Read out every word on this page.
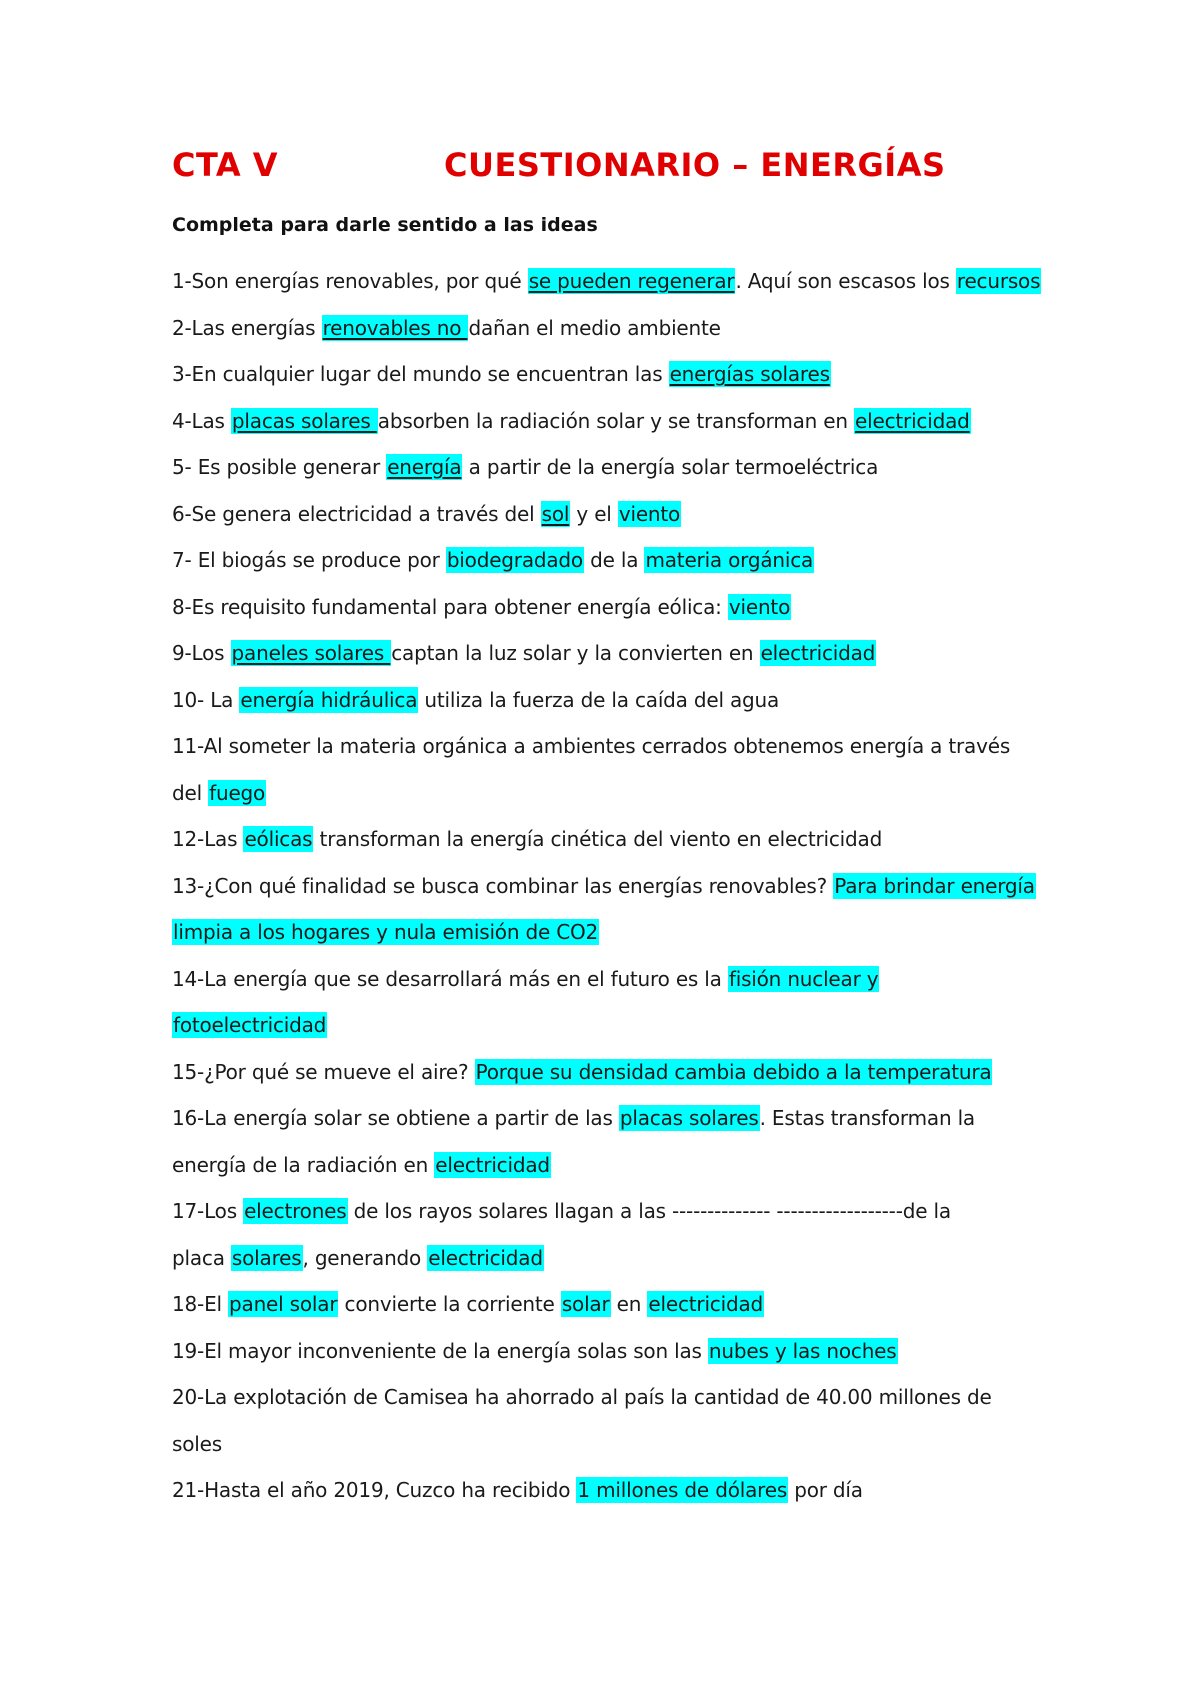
CTA V	CUESTIONARIO – ENERGÍAS
Completa para darle sentido a las ideas
1-Son energías renovables, por qué se pueden regenerar. Aquí son escasos los recursos
2-Las energías renovables no dañan el medio ambiente
3-En cualquier lugar del mundo se encuentran las energías solares
4-Las placas solares absorben la radiación solar y se transforman en electricidad
5- Es posible generar energía a partir de la energía solar termoeléctrica
6-Se genera electricidad a través del sol y el viento
7- El biogás se produce por biodegradado de la materia orgánica
8-Es requisito fundamental para obtener energía eólica: viento
9-Los paneles solares captan la luz solar y la convierten en electricidad
10- La energía hidráulica utiliza la fuerza de la caída del agua
11-Al someter la materia orgánica a ambientes cerrados obtenemos energía a través
del fuego
12-Las eólicas transforman la energía cinética del viento en electricidad
13-¿Con qué finalidad se busca combinar las energías renovables? Para brindar energía
limpia a los hogares y nula emisión de CO2
14-La energía que se desarrollará más en el futuro es la fisión nuclear y
fotoelectricidad
15-¿Por qué se mueve el aire? Porque su densidad cambia debido a la temperatura
16-La energía solar se obtiene a partir de las placas solares. Estas transforman la
energía de la radiación en electricidad
17-Los electrones de los rayos solares llagan a las -------------- ------------------de la
placa solares, generando electricidad
18-El panel solar convierte la corriente solar en electricidad
19-El mayor inconveniente de la energía solas son las nubes y las noches
20-La explotación de Camisea ha ahorrado al país la cantidad de 40.00 millones de
soles
21-Hasta el año 2019, Cuzco ha recibido 1 millones de dólares por día
